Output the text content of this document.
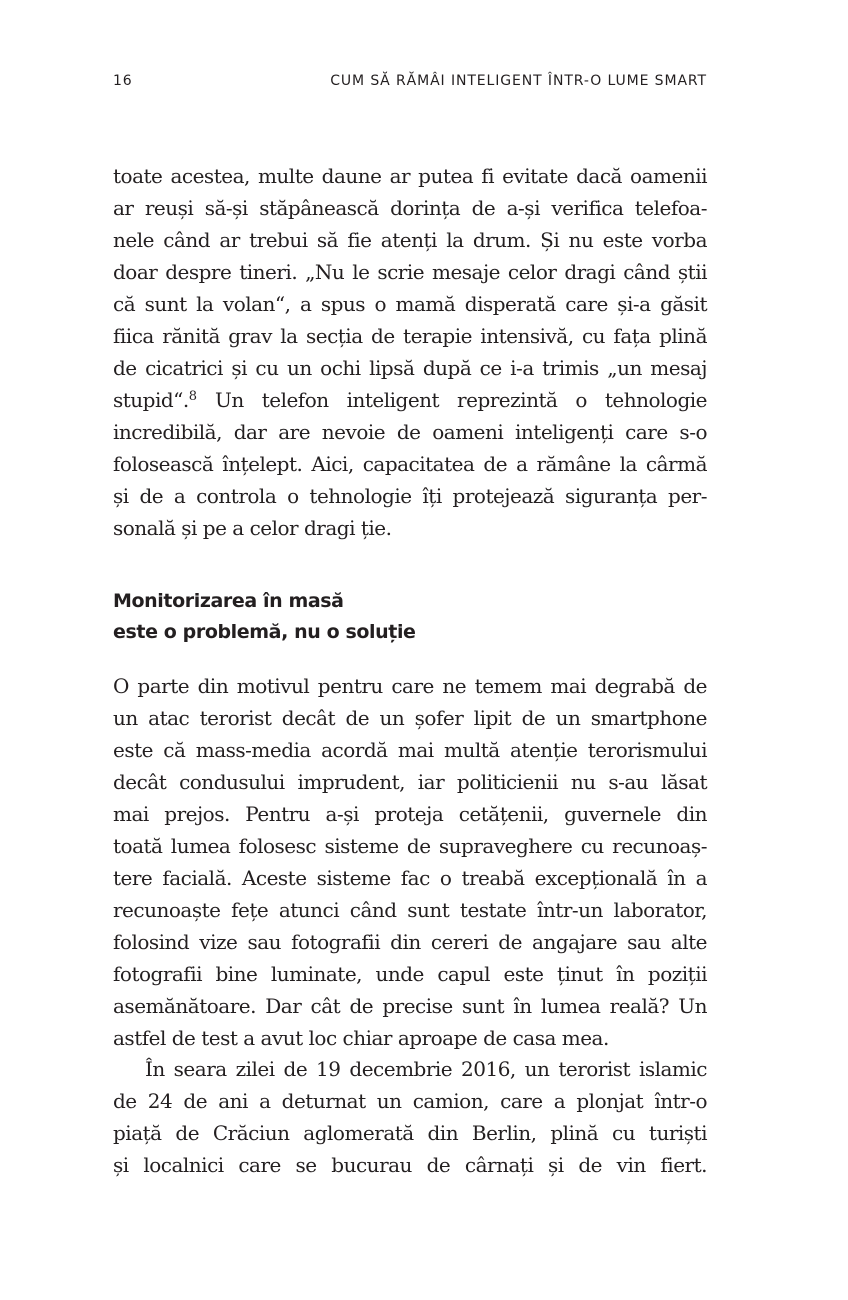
16	CUM SĂ RĂMÂI INTELIGENT ÎNTR-O LUME SMART
toate acestea, multe daune ar putea fi evitate dacă oamenii
ar reuși să-și stăpânească dorința de a-și verifica telefoa-
nele când ar trebui să fie atenți la drum. Și nu este vorba
doar despre tineri. „Nu le scrie mesaje celor dragi când știi
că sunt la volan“, a spus o mamă disperată care și-a găsit
fiica rănită grav la secția de terapie intensivă, cu fața plină
de cicatrici și cu un ochi lipsă după ce i-a trimis „un mesaj
stupid“.$^8$ Un telefon inteligent reprezintă o tehnologie
incredibilă, dar are nevoie de oameni inteligenți care s-o
folosească înțelept. Aici, capacitatea de a rămâne la cârmă
și de a controla o tehnologie îți protejează siguranța per-
sonală și pe a celor dragi ție.
Monitorizarea în masă
este o problemă, nu o soluție
O parte din motivul pentru care ne temem mai degrabă de
un atac terorist decât de un șofer lipit de un smartphone
este că mass-media acordă mai multă atenție terorismului
decât condusului imprudent, iar politicienii nu s-au lăsat
mai prejos. Pentru a-și proteja cetățenii, guvernele din
toată lumea folosesc sisteme de supraveghere cu recunoaș-
tere facială. Aceste sisteme fac o treabă excepțională în a
recunoaște fețe atunci când sunt testate într-un laborator,
folosind vize sau fotografii din cereri de angajare sau alte
fotografii bine luminate, unde capul este ținut în poziții
asemănătoare. Dar cât de precise sunt în lumea reală? Un
astfel de test a avut loc chiar aproape de casa mea.
În seara zilei de 19 decembrie 2016, un terorist islamic
de 24 de ani a deturnat un camion, care a plonjat într-o
piață de Crăciun aglomerată din Berlin, plină cu turiști
și localnici care se bucurau de cârnați și de vin fiert.
